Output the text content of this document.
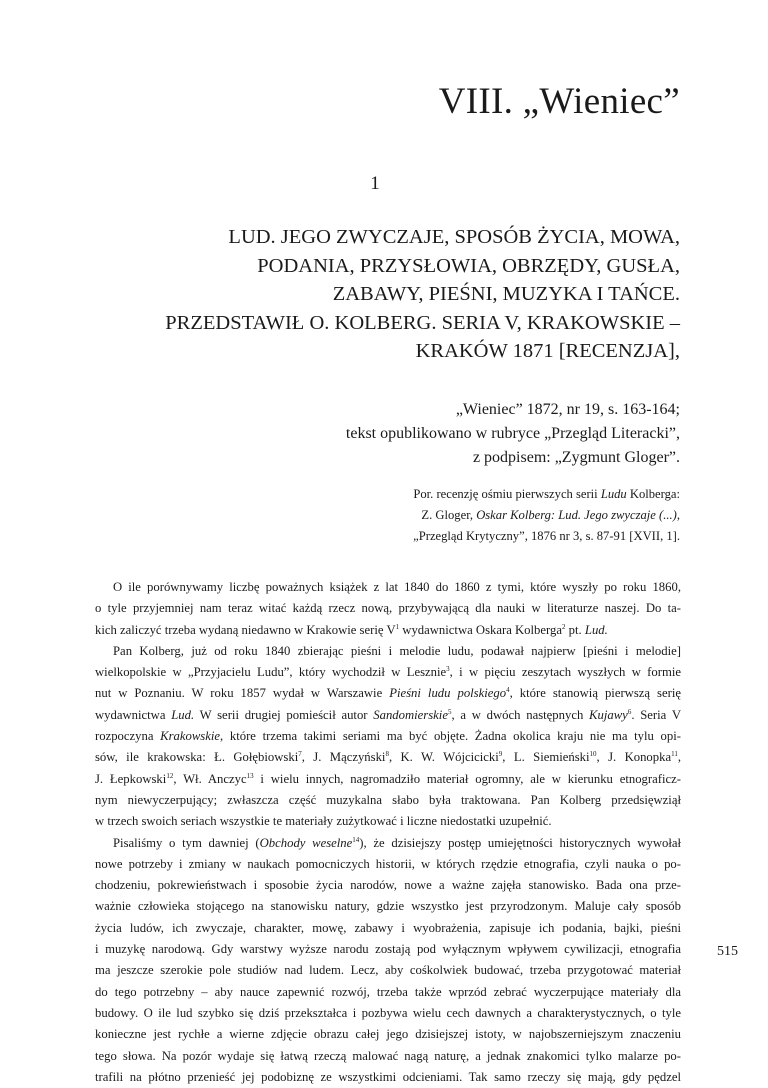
VIII. „Wieniec”
1
LUD. JEGO ZWYCZAJE, SPOSÓB ŻYCIA, MOWA,
PODANIA, PRZYSŁOWIA, OBRZĘDY, GUSŁA,
ZABAWY, PIEŚNI, MUZYKA I TAŃCE.
PRZEDSTAWIŁ O. KOLBERG. SERIA V, KRAKOWSKIE –
KRAKÓW 1871 [RECENZJA],
„Wieniec” 1872, nr 19, s. 163-164;
tekst opublikowano w rubryce „Przegląd Literacki”,
z podpisem: „Zygmunt Gloger”.
Por. recenzję ośmiu pierwszych serii Ludu Kolberga:
Z. Gloger, Oskar Kolberg: Lud. Jego zwyczaje (...),
„Przegląd Krytyczny”, 1876 nr 3, s. 87-91 [XVII, 1].
O ile porównywamy liczbę poważnych książek z lat 1840 do 1860 z tymi, które wyszły po roku 1860,
o tyle przyjemniej nam teraz witać każdą rzecz nową, przybywającą dla nauki w literaturze naszej. Do ta-
kich zaliczyć trzeba wydaną niedawno w Krakowie serię $V^1$ wydawnictwa Oskara Kolberga$^2$ pt. Lud.
Pan Kolberg, już od roku 1840 zbierając pieśni i melodie ludu, podawał najpierw [pieśni i melodie]
wielkopolskie w „Przyjacielu Ludu”, który wychodził w Lesznie$^3$, i w pięciu zeszytach wyszłych w formie
nut w Poznaniu. W roku 1857 wydał w Warszawie Pieśni ludu polskiego$^4$, które stanowią pierwszą serię
wydawnictwa Lud. W serii drugiej pomieścił autor Sandomierskie$^5$, a w dwóch następnych Kujawy$^6$. Seria V
rozpoczyna Krakowskie, które trzema takimi seriami ma być objęte. Żadna okolica kraju nie ma tylu opi-
sów, ile krakowska: Ł. Gołębiowski$^7$, J. Mączyński$^8$, K. W. Wójcicicki$^9$, L. Siemieński$^{10}$, J. Konopka$^{11}$,
J. Łepkowski$^{12}$, Wł. Anczyc$^{13}$ i wielu innych, nagromadziło materiał ogromny, ale w kierunku etnograficz-
nym niewyczerpujący; zwłaszcza część muzykalna słabo była traktowana. Pan Kolberg przedsięwziął
w trzech swoich seriach wszystkie te materiały zużytkować i liczne niedostatki uzupełnić.
Pisaliśmy o tym dawniej (Obchody weselne$^{14}$), że dzisiejszy postęp umiejętności historycznych wywołał
nowe potrzeby i zmiany w naukach pomocniczych historii, w których rzędzie etnografia, czyli nauka o po-
chodzeniu, pokrewieństwach i sposobie życia narodów, nowe a ważne zajęła stanowisko. Bada ona prze-
ważnie człowieka stojącego na stanowisku natury, gdzie wszystko jest przyrodzonym. Maluje cały sposób
życia ludów, ich zwyczaje, charakter, mowę, zabawy i wyobrażenia, zapisuje ich podania, bajki, pieśni
i muzykę narodową. Gdy warstwy wyższe narodu zostają pod wyłącznym wpływem cywilizacji, etnografia
ma jeszcze szerokie pole studiów nad ludem. Lecz, aby cośkolwiek budować, trzeba przygotować materiał
do tego potrzebny – aby nauce zapewnić rozwój, trzeba także wprzód zebrać wyczerpujące materiały dla
budowy. O ile lud szybko się dziś przekształca i pozbywa wielu cech dawnych a charakterystycznych, o tyle
konieczne jest rychłe a wierne zdjęcie obrazu całej jego dzisiejszej istoty, w najobszerniejszym znaczeniu
tego słowa. Na pozór wydaje się łatwą rzeczą malować nagą naturę, a jednak znakomici tylko malarze po-
trafili na płótno przenieść jej podobiznę ze wszystkimi odcieniami. Tak samo rzeczy się mają, gdy pędzel
515
